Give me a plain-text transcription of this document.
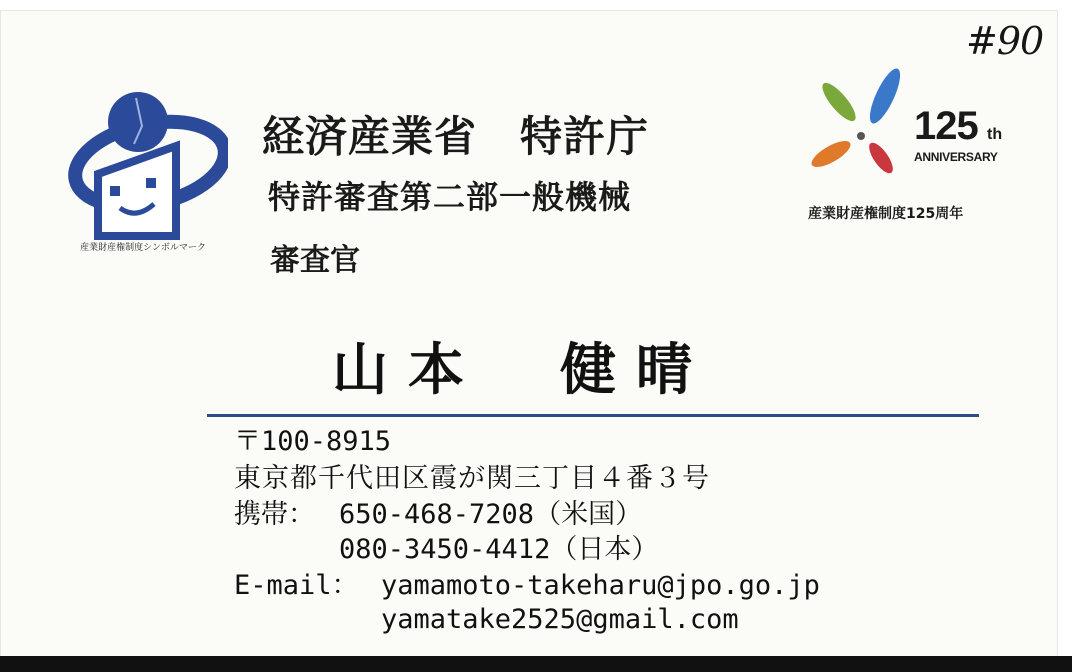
#90
産業財産権制度シンボルマーク
経済産業省　特許庁
特許審査第二部一般機械
審査官
125 th
ANNIVERSARY
産業財産権制度125周年
山本　健晴
〒100-8915
東京都千代田区霞が関三丁目４番３号
携帯： 650-468-7208（米国）
080-3450-4412（日本）
E-mail： yamamoto-takeharu@jpo.go.jp
yamatake2525@gmail.com
